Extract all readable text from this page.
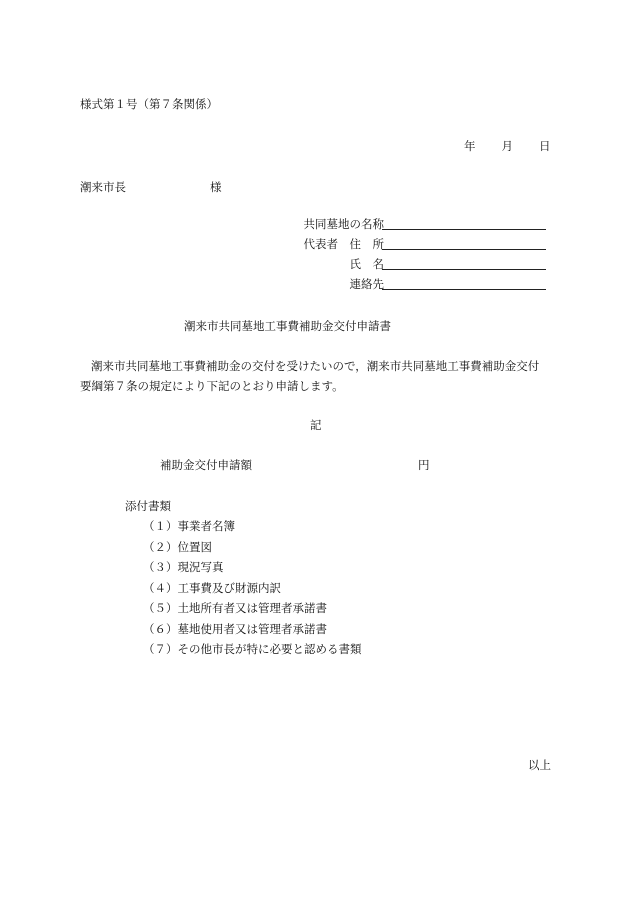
様式第１号（第７条関係）
年 月 日
潮来市長	様
共同墓地の名称
代表者　住　所
氏　名
連絡先
潮来市共同墓地工事費補助金交付申請書
潮来市共同墓地工事費補助金の交付を受けたいので，潮来市共同墓地工事費補助金交付
要綱第７条の規定により下記のとおり申請します。
記
補助金交付申請額	円
添付書類
（１）事業者名簿
（２）位置図
（３）現況写真
（４）工事費及び財源内訳
（５）土地所有者又は管理者承諾書
（６）墓地使用者又は管理者承諾書
（７）その他市長が特に必要と認める書類
以上
